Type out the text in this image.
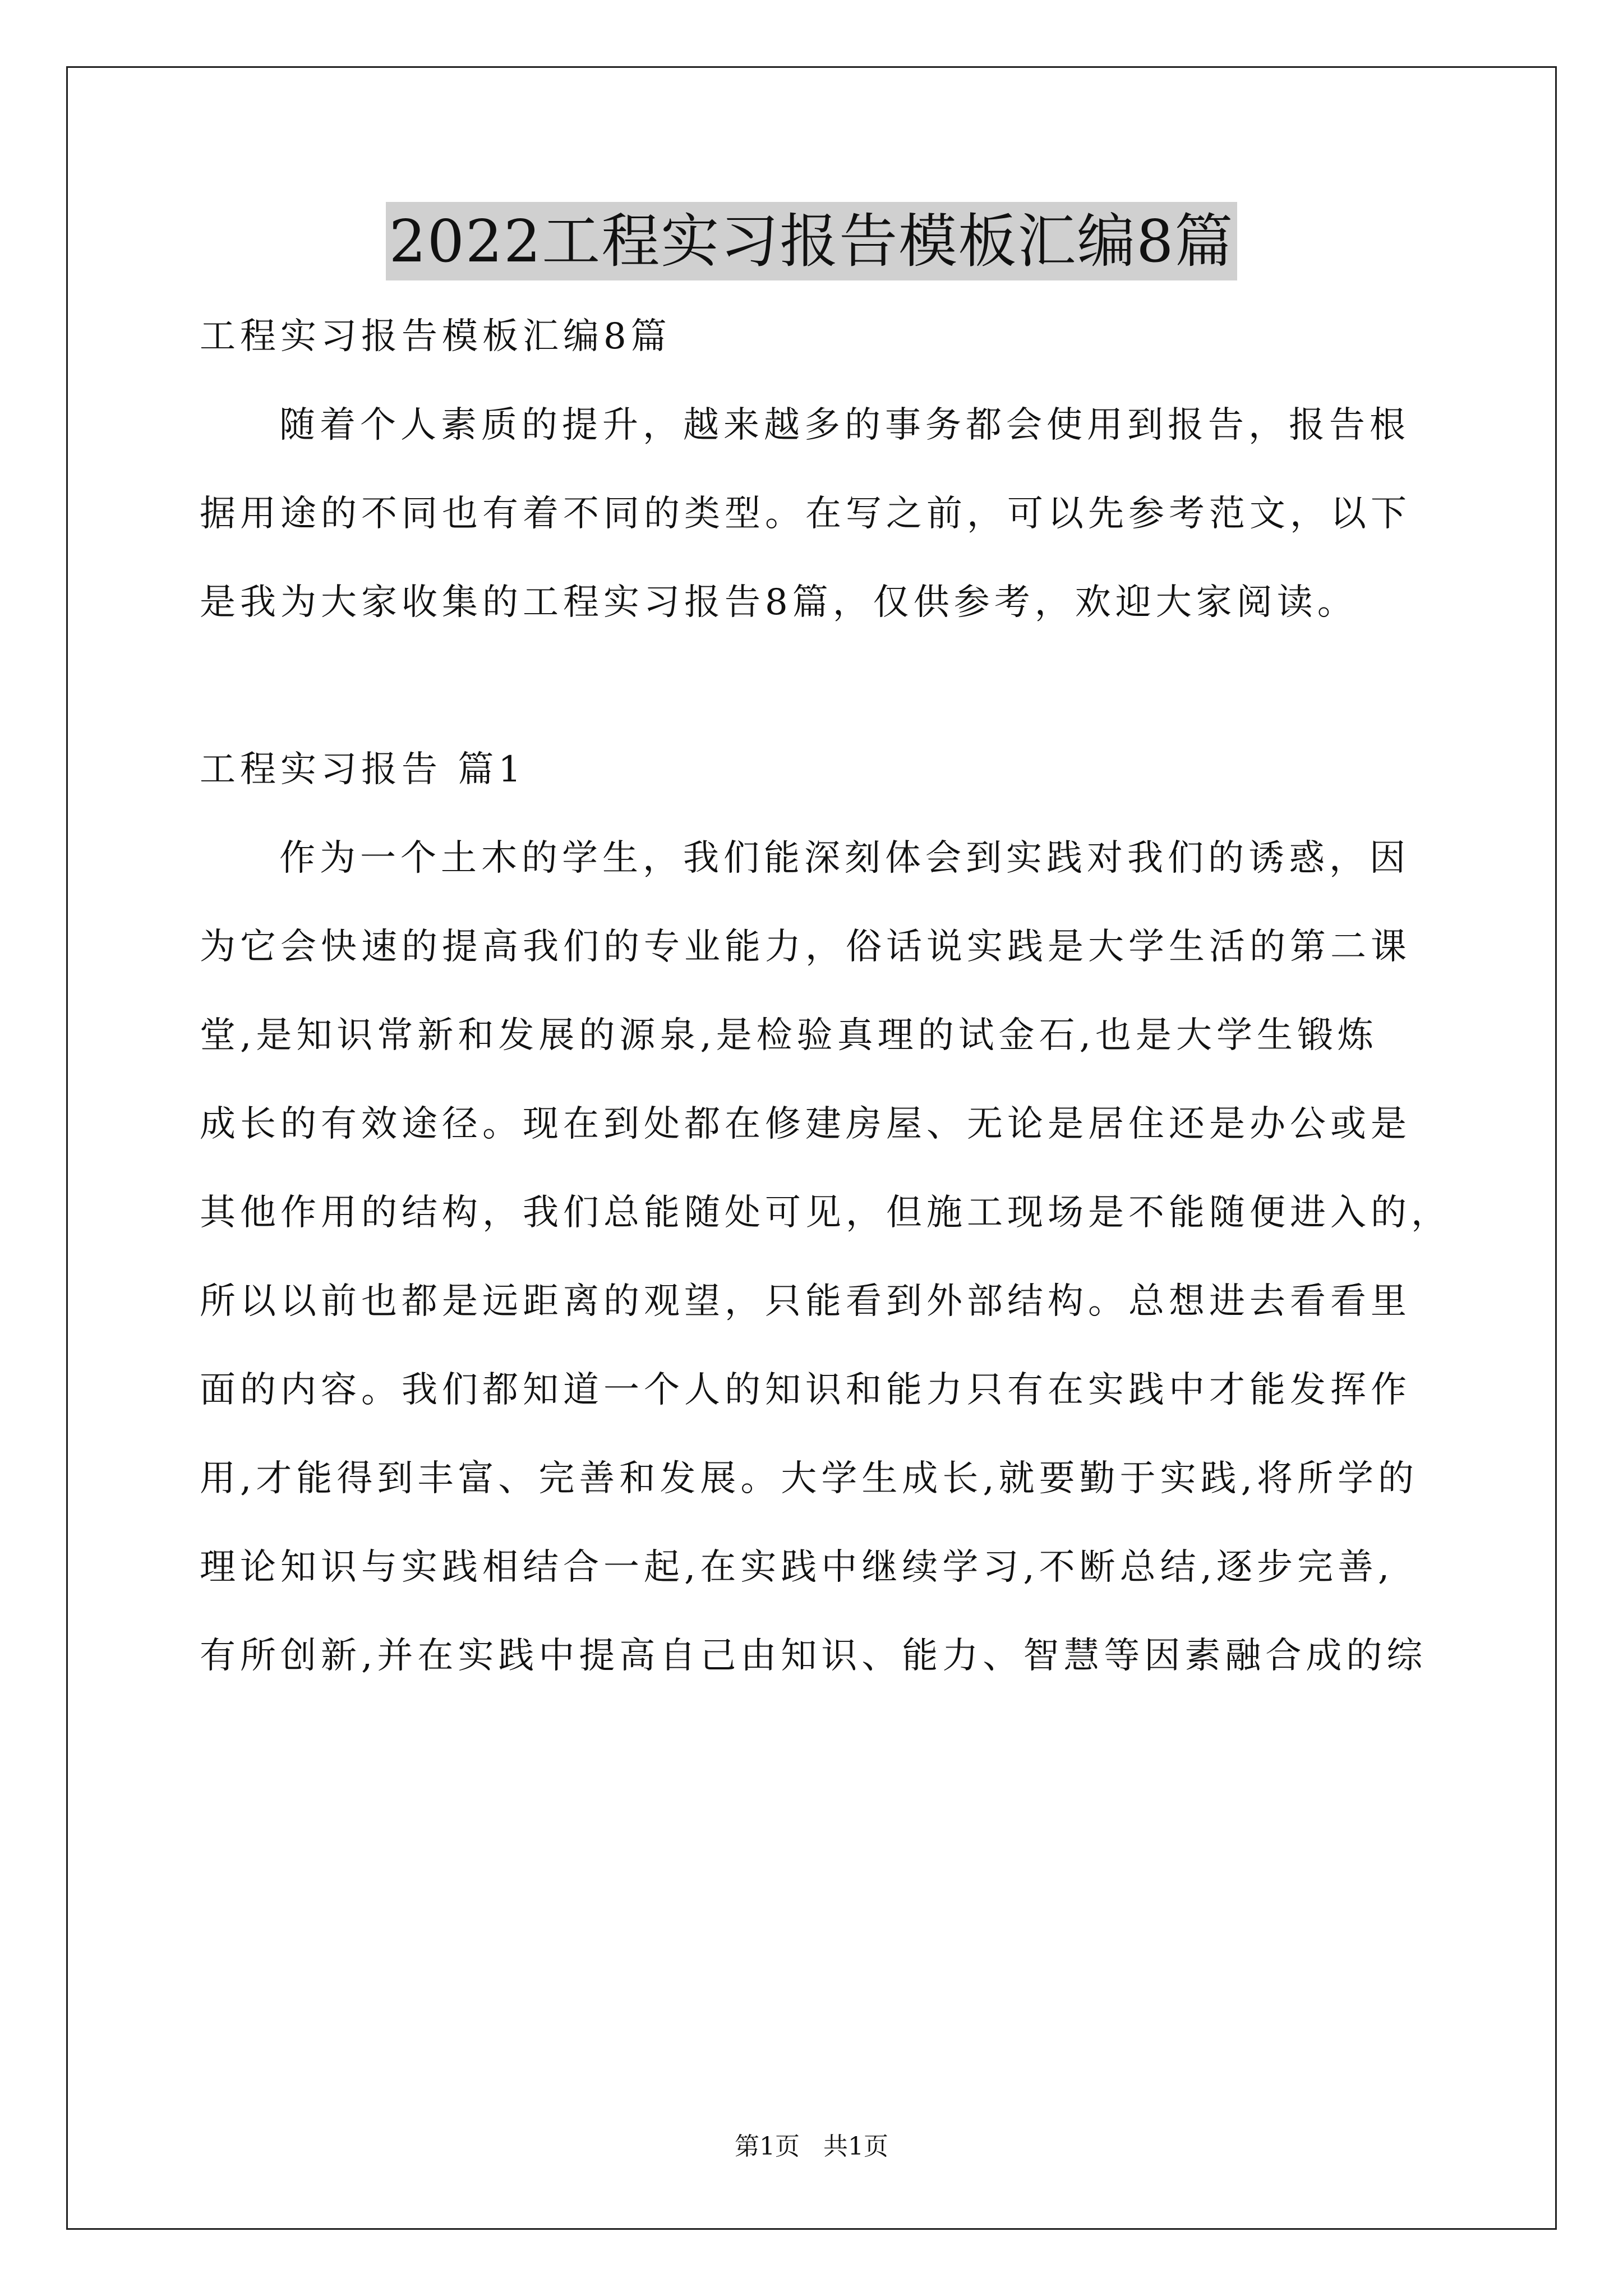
2022工程实习报告模板汇编8篇
工程实习报告模板汇编8篇
随着个人素质的提升，越来越多的事务都会使用到报告，报告根
据用途的不同也有着不同的类型。在写之前，可以先参考范文，以下
是我为大家收集的工程实习报告8篇，仅供参考，欢迎大家阅读。
工程实习报告 篇1
作为一个土木的学生，我们能深刻体会到实践对我们的诱惑，因
为它会快速的提高我们的专业能力，俗话说实践是大学生活的第二课
堂,是知识常新和发展的源泉,是检验真理的试金石,也是大学生锻炼
成长的有效途径。现在到处都在修建房屋、无论是居住还是办公或是
其他作用的结构，我们总能随处可见，但施工现场是不能随便进入的，
所以以前也都是远距离的观望，只能看到外部结构。总想进去看看里
面的内容。我们都知道一个人的知识和能力只有在实践中才能发挥作
用,才能得到丰富、完善和发展。大学生成长,就要勤于实践,将所学的
理论知识与实践相结合一起,在实践中继续学习,不断总结,逐步完善,
有所创新,并在实践中提高自己由知识、能力、智慧等因素融合成的综
第1页 共1页
